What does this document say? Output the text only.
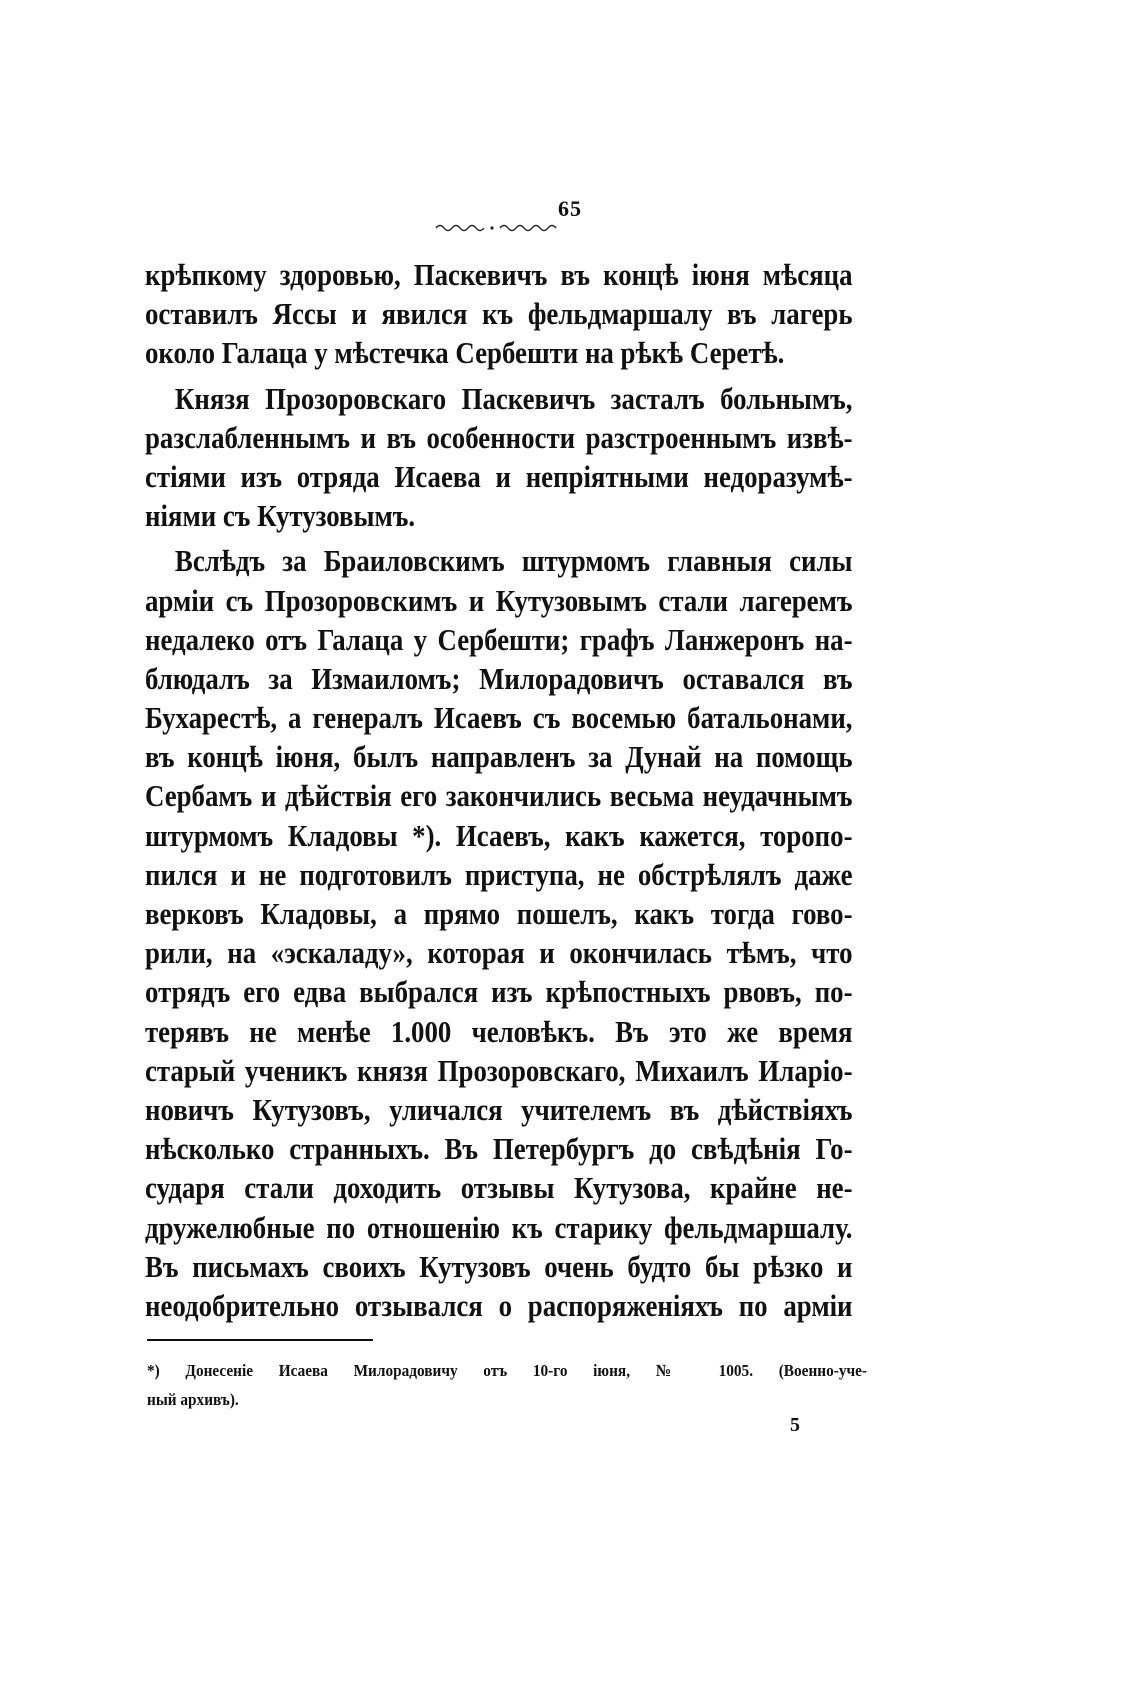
65
крѣпкому здоровью, Паскевичъ въ концѣ іюня мѣсяца
оставилъ Яссы и явился къ фельдмаршалу въ лагерь
около Галаца у мѣстечка Сербешти на рѣкѣ Серетѣ.
Князя Прозоровскаго Паскевичъ засталъ больнымъ,
разслабленнымъ и въ особенности разстроеннымъ извѣ-
стіями изъ отряда Исаева и непріятными недоразумѣ-
ніями съ Кутузовымъ.
Вслѣдъ за Браиловскимъ штурмомъ главныя силы
арміи съ Прозоровскимъ и Кутузовымъ стали лагеремъ
недалеко отъ Галаца у Сербешти; графъ Ланжеронъ на-
блюдалъ за Измаиломъ; Милорадовичъ оставался въ
Бухарестѣ, а генералъ Исаевъ съ восемью батальонами,
въ концѣ іюня, былъ направленъ за Дунай на помощь
Сербамъ и дѣйствія его закончились весьма неудачнымъ
штурмомъ Кладовы *). Исаевъ, какъ кажется, торопо-
пился и не подготовилъ приступа, не обстрѣлялъ даже
верковъ Кладовы, а прямо пошелъ, какъ тогда гово-
рили, на «эскаладу», которая и окончилась тѣмъ, что
отрядъ его едва выбрался изъ крѣпостныхъ рвовъ, по-
терявъ не менѣе 1.000 человѣкъ. Въ это же время
старый ученикъ князя Прозоровскаго, Михаилъ Иларіо-
новичъ Кутузовъ, уличался учителемъ въ дѣйствіяхъ
нѣсколько странныхъ. Въ Петербургъ до свѣдѣнія Го-
сударя стали доходить отзывы Кутузова, крайне не-
дружелюбные по отношенію къ старику фельдмаршалу.
Въ письмахъ своихъ Кутузовъ очень будто бы рѣзко и
неодобрительно отзывался о распоряженіяхъ по арміи
*) Донесеніе Исаева Милорадовичу отъ 10-го іюня, № 1005. (Военно-уче-
ный архивъ).
5
